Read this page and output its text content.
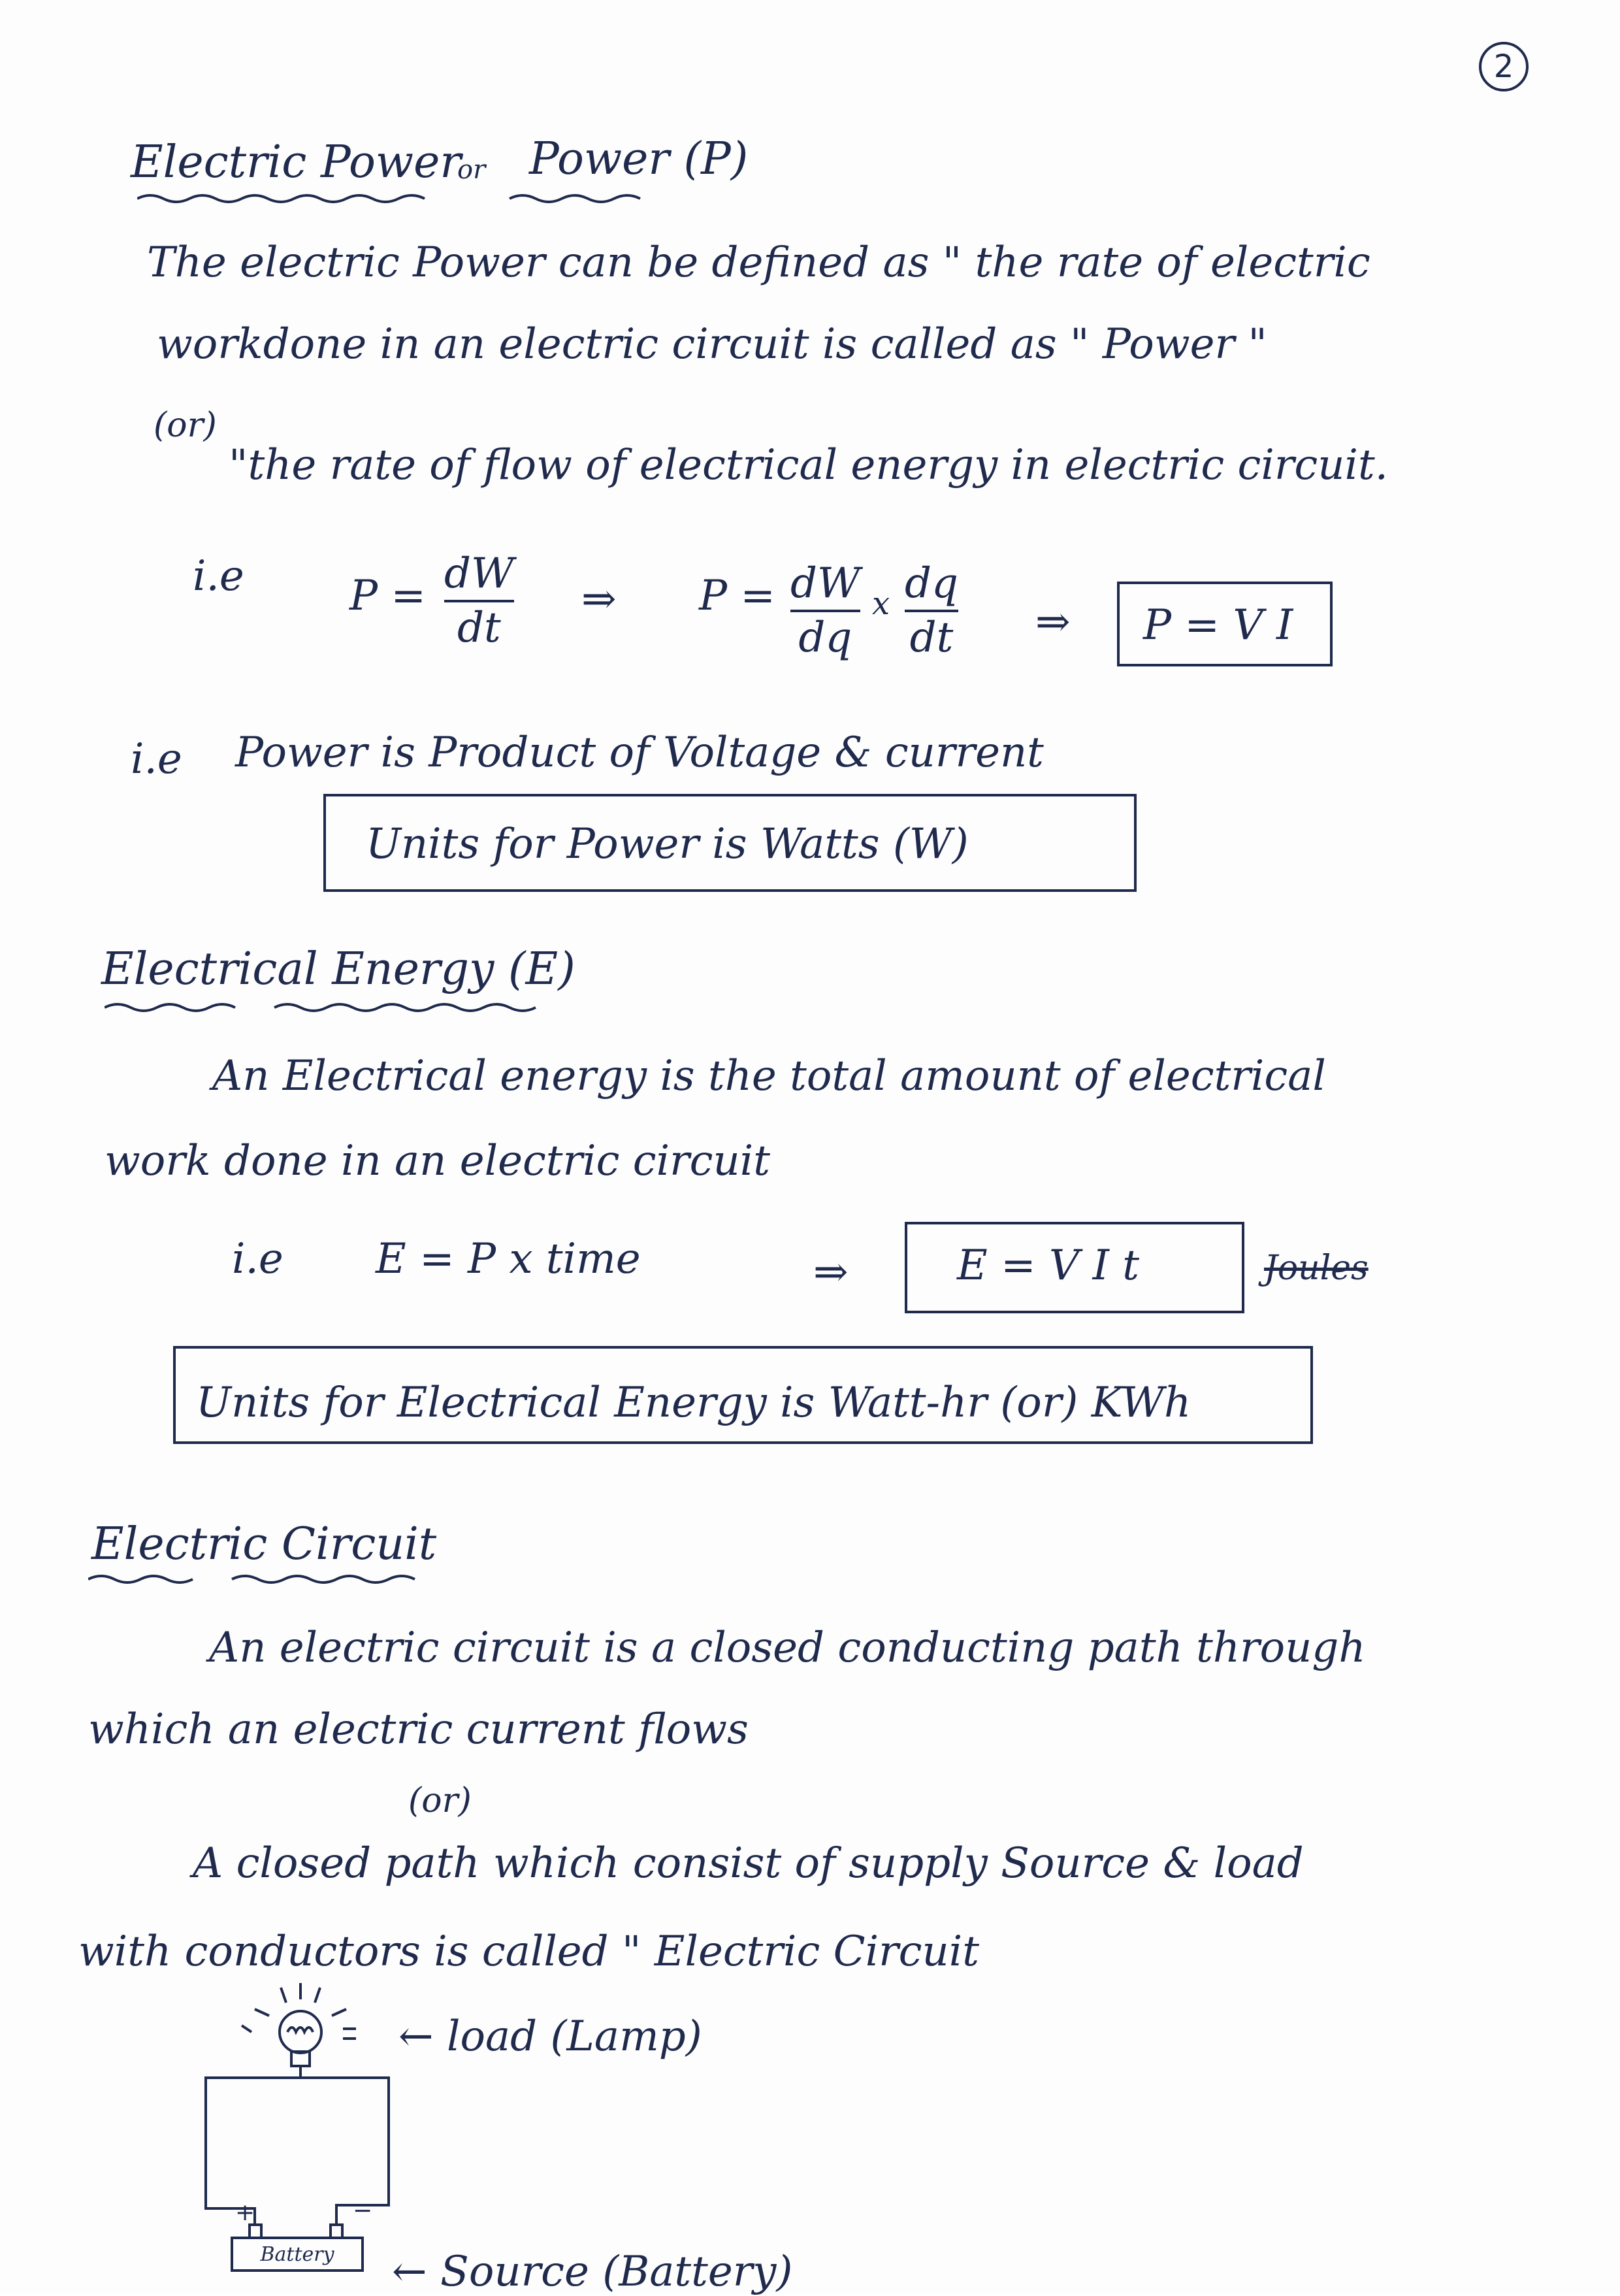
2
Electric Power
or Power (P)
The electric Power can be defined as " the rate of electric
workdone in an electric circuit is called as " Power "
(or)
"the rate of flow of electrical energy in electric circuit.
i.e	P = dW
dt
⇒ P = dW
dq
x dq
dt ⇒ P = V I
i.e Power is Product of Voltage & current
Units for Power is Watts (W)
Electrical Energy (E)
An Electrical energy is the total amount of electrical
work done in an electric circuit
i.e E = P x time	⇒	E = V I t	Joules
Units for Electrical Energy is Watt-hr (or) KWh
Electric Circuit
An electric circuit is a closed conducting path through
which an electric current flows
(or)
A closed path which consist of supply Source & load
with conductors is called " Electric Circuit
+	−
Battery
← load (Lamp)
← Source (Battery)
